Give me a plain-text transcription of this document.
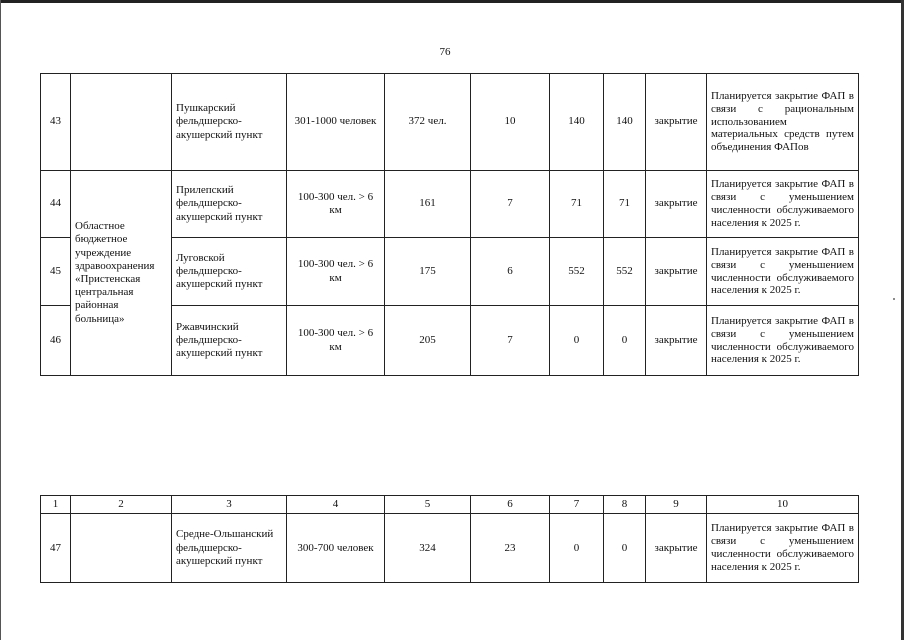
76
43		Пушкарский фельдшерско-акушерский пункт	301-1000 человек	372 чел.	10	140	140	закрытие	Планируется закрытие ФАП в связи с рациональным использованием материальных средств путем объединения ФАПов
44	Областное бюджетное учреждение здравоохранения «Пристенская центральная районная больница»	Прилепский фельдшерско-акушерский пункт	100-300 чел. > 6 км	161	7	71	71	закрытие	Планируется закрытие ФАП в связи с уменьшением численности обслуживаемого населения к 2025 г.
45		Луговской фельдшерско-акушерский пункт	100-300 чел. > 6 км	175	6	552	552	закрытие	Планируется закрытие ФАП в связи с уменьшением численности обслуживаемого населения к 2025 г.
46		Ржавчинский фельдшерско-акушерский пункт	100-300 чел. > 6 км	205	7	0	0	закрытие	Планируется закрытие ФАП в связи с уменьшением численности обслуживаемого населения к 2025 г.
1	2	3	4	5	6	7	8	9	10
47		Средне-Ольшанский фельдшерско-акушерский пункт	300-700 человек	324	23	0	0	закрытие	Планируется закрытие ФАП в связи с уменьшением численности обслуживаемого населения к 2025 г.
